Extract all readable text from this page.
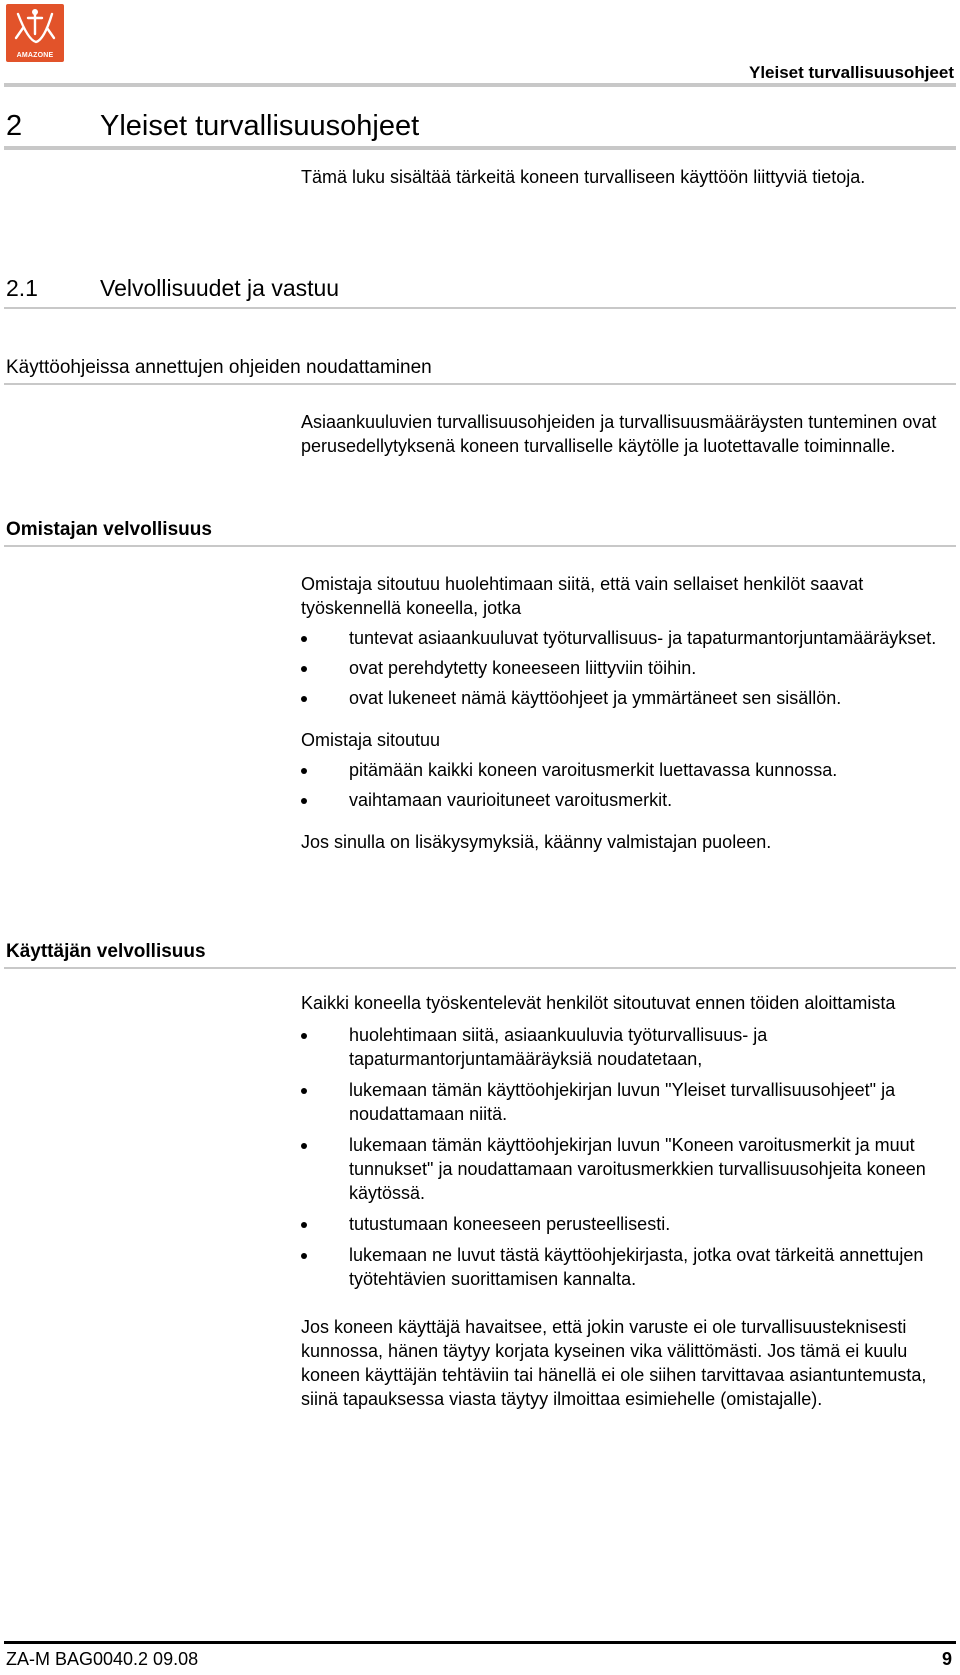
AMAZONE
Yleiset turvallisuusohjeet
2	Yleiset turvallisuusohjeet
Tämä luku sisältää tärkeitä koneen turvalliseen käyttöön liittyviä tietoja.
2.1	Velvollisuudet ja vastuu
Käyttöohjeissa annettujen ohjeiden noudattaminen
Asiaankuuluvien turvallisuusohjeiden ja turvallisuusmääräysten tunteminen ovat perusedellytyksenä koneen turvalliselle käytölle ja luotettavalle toiminnalle.
Omistajan velvollisuus

Omistaja sitoutuu huolehtimaan siitä, että vain sellaiset henkilöt saavat työskennellä koneella, jotka

tuntevat asiaankuuluvat työturvallisuus- ja tapaturmantorjuntamääräykset.
ovat perehdytetty koneeseen liittyviin töihin.
ovat lukeneet nämä käyttöohjeet ja ymmärtäneet sen sisällön.

Omistaja sitoutuu

pitämään kaikki koneen varoitusmerkit luettavassa kunnossa.
vaihtamaan vaurioituneet varoitusmerkit.

Jos sinulla on lisäkysymyksiä, käänny valmistajan puoleen.

Käyttäjän velvollisuus

Kaikki koneella työskentelevät henkilöt sitoutuvat ennen töiden aloittamista

huolehtimaan siitä, asiaankuuluvia työturvallisuus- ja tapaturmantorjuntamääräyksiä noudatetaan,
lukemaan tämän käyttöohjekirjan luvun "Yleiset turvallisuusohjeet" ja noudattamaan niitä.
lukemaan tämän käyttöohjekirjan luvun "Koneen varoitusmerkit ja muut tunnukset" ja noudattamaan varoitusmerkkien turvallisuusohjeita koneen käytössä.
tutustumaan koneeseen perusteellisesti.
lukemaan ne luvut tästä käyttöohjekirjasta, jotka ovat tärkeitä annettujen työtehtävien suorittamisen kannalta.

Jos koneen käyttäjä havaitsee, että jokin varuste ei ole turvallisuusteknisesti kunnossa, hänen täytyy korjata kyseinen vika välittömästi. Jos tämä ei kuulu koneen käyttäjän tehtäviin tai hänellä ei ole siihen tarvittavaa asiantuntemusta, siinä tapauksessa viasta täytyy ilmoittaa esimiehelle (omistajalle).

ZA-M BAG0040.2 09.08	9
